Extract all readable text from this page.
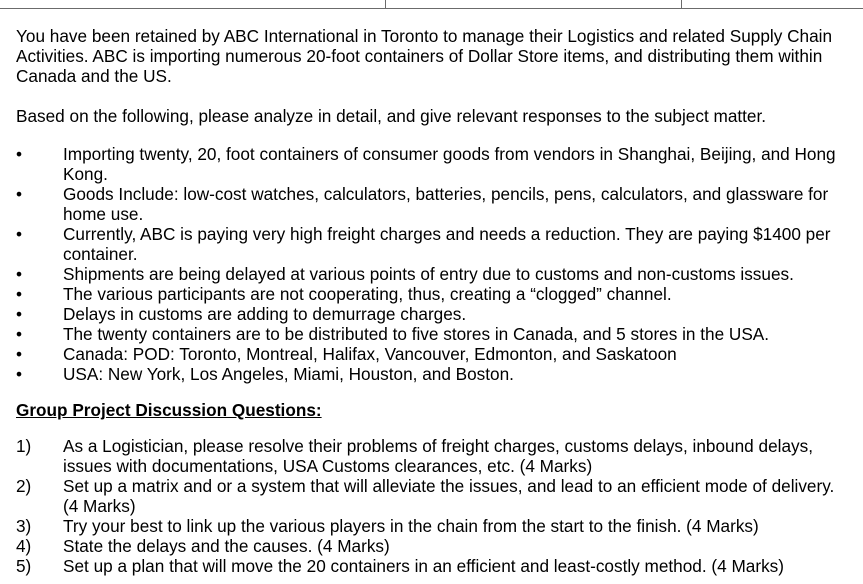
You have been retained by ABC International in Toronto to manage their Logistics and related Supply Chain Activities. ABC is importing numerous 20-foot containers of Dollar Store items, and distributing them within Canada and the US.

Based on the following, please analyze in detail, and give relevant responses to the subject matter.

•	Importing twenty, 20, foot containers of consumer goods from vendors in Shanghai, Beijing, and Hong Kong.
•	Goods Include: low-cost watches, calculators, batteries, pencils, pens, calculators, and glassware for home use.
•	Currently, ABC is paying very high freight charges and needs a reduction. They are paying $1400 per container.
•	Shipments are being delayed at various points of entry due to customs and non-customs issues.
•	The various participants are not cooperating, thus, creating a “clogged” channel.
•	Delays in customs are adding to demurrage charges.
•	The twenty containers are to be distributed to five stores in Canada, and 5 stores in the USA.
•	Canada: POD: Toronto, Montreal, Halifax, Vancouver, Edmonton, and Saskatoon
•	USA: New York, Los Angeles, Miami, Houston, and Boston.

Group Project Discussion Questions:

1) As a Logistician, please resolve their problems of freight charges, customs delays, inbound delays, issues with documentations, USA Customs clearances, etc. (4 Marks)
2) Set up a matrix and or a system that will alleviate the issues, and lead to an efficient mode of delivery. (4 Marks)
3) Try your best to link up the various players in the chain from the start to the finish. (4 Marks)
4) State the delays and the causes. (4 Marks)
5) Set up a plan that will move the 20 containers in an efficient and least-costly method. (4 Marks)
